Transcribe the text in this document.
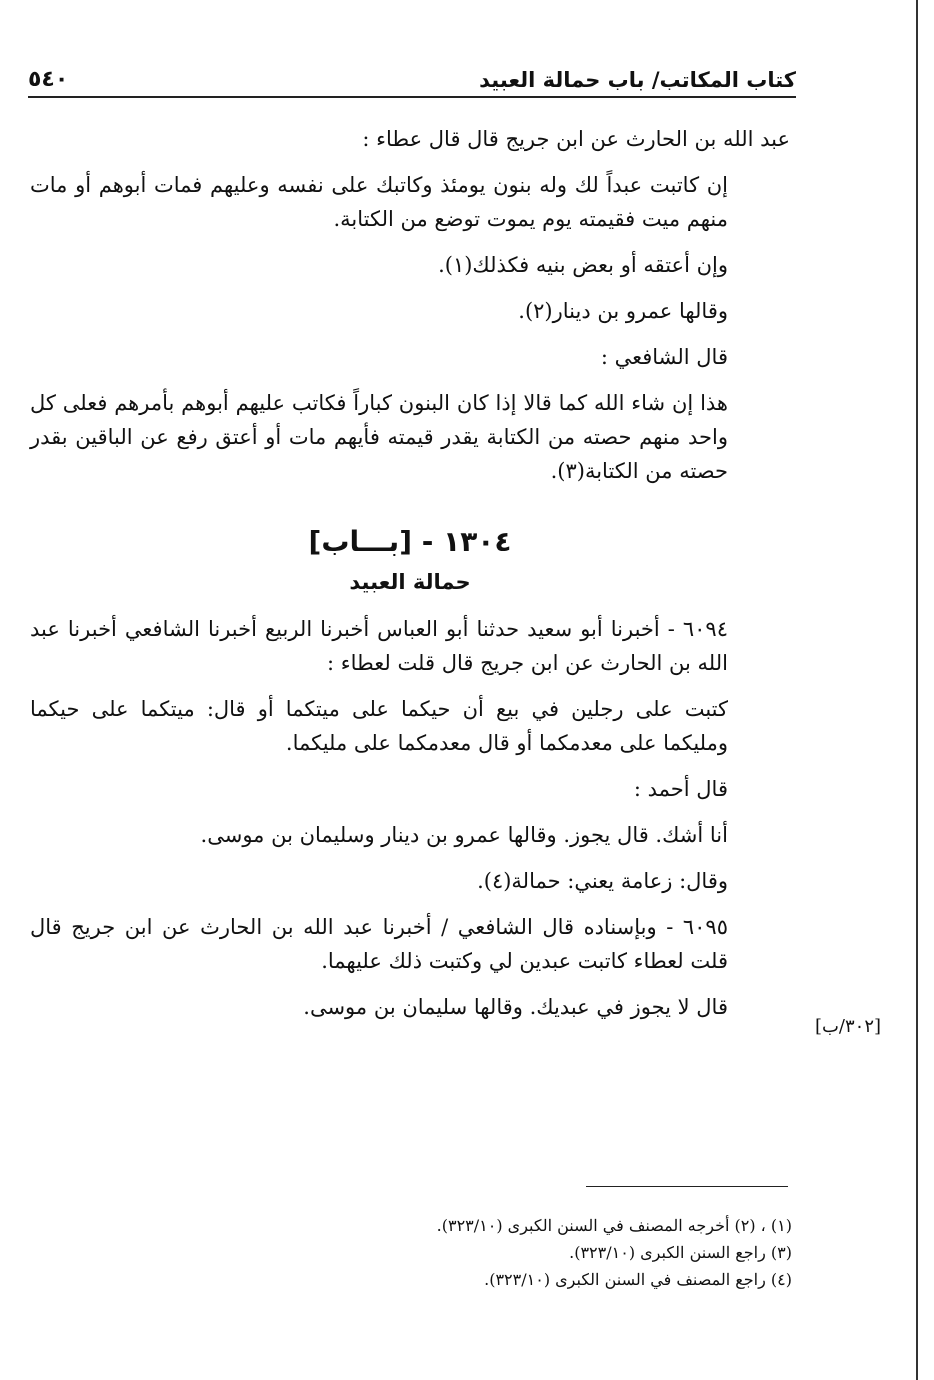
٥٤٠	كتاب المكاتب/ باب حمالة العبيد

عبد الله بن الحارث عن ابن جريج قال قال عطاء :

إن كاتبت عبداً لك وله بنون يومئذ وكاتبك على نفسه وعليهم فمات أبوهم أو مات منهم ميت فقيمته يوم يموت توضع من الكتابة.

وإن أعتقه أو بعض بنيه فكذلك(١).

وقالها عمرو بن دينار(٢).

قال الشافعي :

هذا إن شاء الله كما قالا إذا كان البنون كباراً فكاتب عليهم أبوهم بأمرهم فعلى كل واحد منهم حصته من الكتابة يقدر قيمته فأيهم مات أو أعتق رفع عن الباقين بقدر حصته من الكتابة(٣).

١٣٠٤ - [بـــاب]
حمالة العبيد

٦٠٩٤ - أخبرنا أبو سعيد حدثنا أبو العباس أخبرنا الربيع أخبرنا الشافعي أخبرنا عبد الله بن الحارث عن ابن جريج قال قلت لعطاء :

كتبت على رجلين في بيع أن حيكما على ميتكما أو قال: ميتكما على حيكما ومليكما على معدمكما أو قال معدمكما على مليكما.

قال أحمد :

أنا أشك. قال يجوز. وقالها عمرو بن دينار وسليمان بن موسى.

وقال: زعامة يعني: حمالة(٤).

٦٠٩٥ - وبإسناده قال الشافعي / أخبرنا عبد الله بن الحارث عن ابن جريج قال قلت لعطاء كاتبت عبدين لي وكتبت ذلك عليهما.

قال لا يجوز في عبديك. وقالها سليمان بن موسى.

[٣٠٢/ب]

(١) ، (٢) أخرجه المصنف في السنن الكبرى (٣٢٣/١٠).

(٣) راجع السنن الكبرى (٣٢٣/١٠).

(٤) راجع المصنف في السنن الكبرى (٣٢٣/١٠).
